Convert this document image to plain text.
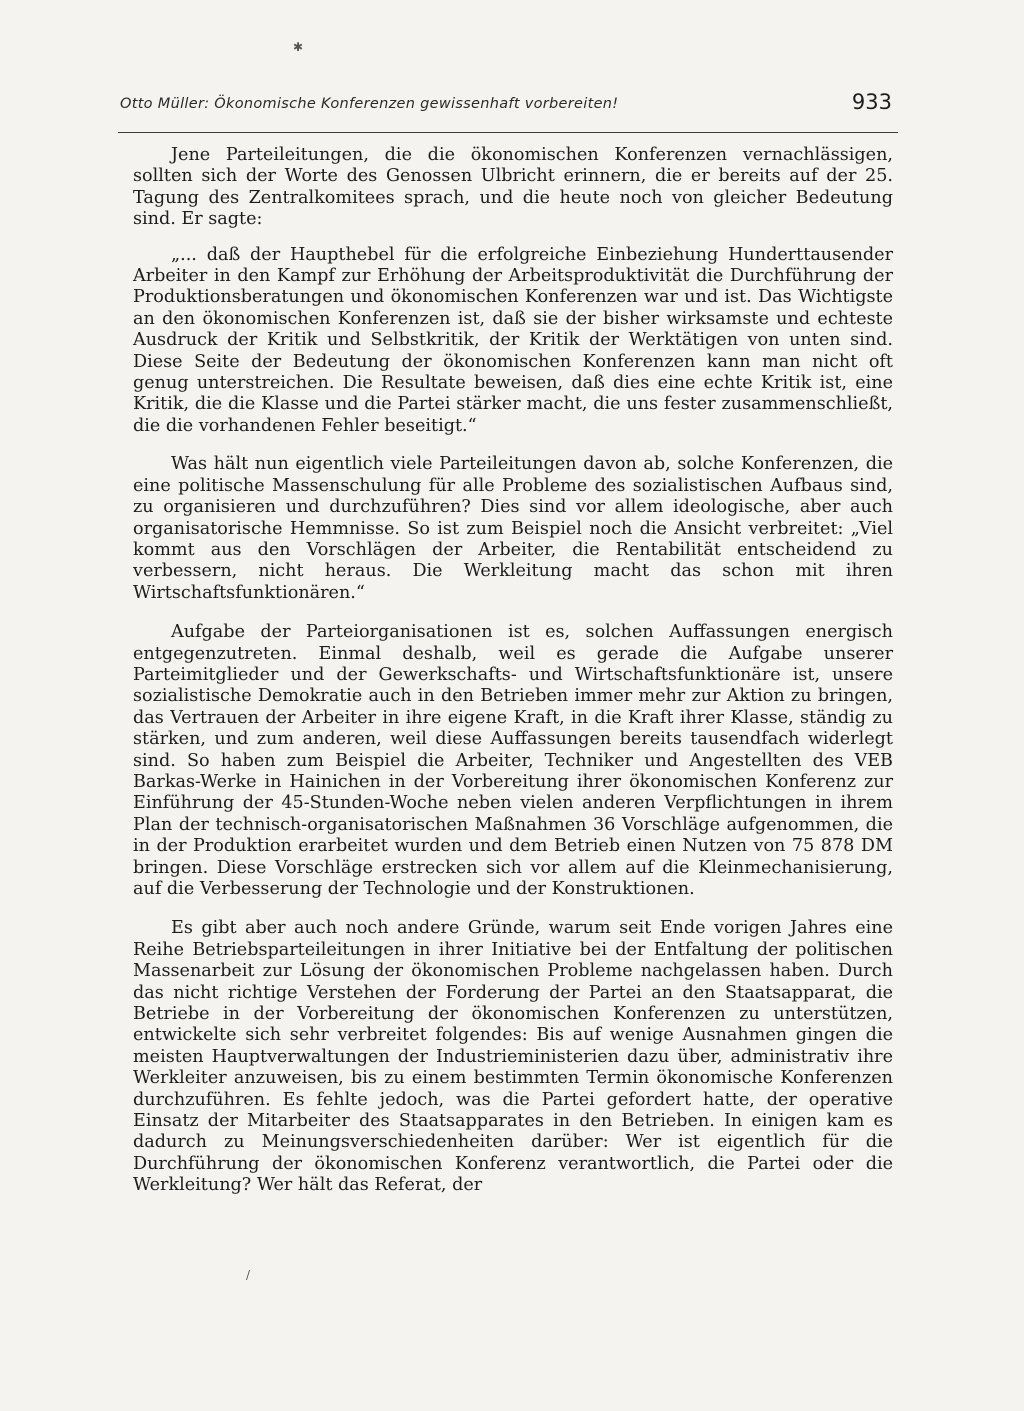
✱
Otto Müller: Ökonomische Konferenzen gewissenhaft vorbereiten!	933

Jene Parteileitungen, die die ökonomischen Konferenzen vernachlässigen, sollten sich der Worte des Genossen Ulbricht erinnern, die er bereits auf der 25. Tagung des Zentralkomitees sprach, und die heute noch von gleicher Bedeutung sind. Er sagte:

„... daß der Haupthebel für die erfolgreiche Einbeziehung Hunderttausender Arbeiter in den Kampf zur Erhöhung der Arbeitsproduktivität die Durchführung der Produktionsberatungen und ökonomischen Konferenzen war und ist. Das Wichtigste an den ökonomischen Konferenzen ist, daß sie der bisher wirksamste und echteste Ausdruck der Kritik und Selbstkritik, der Kritik der Werktätigen von unten sind. Diese Seite der Bedeutung der ökonomischen Konferenzen kann man nicht oft genug unterstreichen. Die Resultate beweisen, daß dies eine echte Kritik ist, eine Kritik, die die Klasse und die Partei stärker macht, die uns fester zusammenschließt, die die vorhandenen Fehler beseitigt.“

Was hält nun eigentlich viele Parteileitungen davon ab, solche Konferenzen, die eine politische Massenschulung für alle Probleme des sozialistischen Aufbaus sind, zu organisieren und durchzuführen? Dies sind vor allem ideologische, aber auch organisatorische Hemmnisse. So ist zum Beispiel noch die Ansicht verbreitet: „Viel kommt aus den Vorschlägen der Arbeiter, die Rentabilität entscheidend zu verbessern, nicht heraus. Die Werkleitung macht das schon mit ihren Wirtschaftsfunktionären.“

Aufgabe der Parteiorganisationen ist es, solchen Auffassungen energisch entgegenzutreten. Einmal deshalb, weil es gerade die Aufgabe unserer Parteimitglieder und der Gewerkschafts- und Wirtschaftsfunktionäre ist, unsere sozialistische Demokratie auch in den Betrieben immer mehr zur Aktion zu bringen, das Vertrauen der Arbeiter in ihre eigene Kraft, in die Kraft ihrer Klasse, ständig zu stärken, und zum anderen, weil diese Auffassungen bereits tausendfach widerlegt sind. So haben zum Beispiel die Arbeiter, Techniker und Angestellten des VEB Barkas-Werke in Hainichen in der Vorbereitung ihrer ökonomischen Konferenz zur Einführung der 45-Stunden-Woche neben vielen anderen Verpflichtungen in ihrem Plan der technisch-organisatorischen Maßnahmen 36 Vorschläge aufgenommen, die in der Produktion erarbeitet wurden und dem Betrieb einen Nutzen von 75 878 DM bringen. Diese Vorschläge erstrecken sich vor allem auf die Kleinmechanisierung, auf die Verbesserung der Technologie und der Konstruktionen.

Es gibt aber auch noch andere Gründe, warum seit Ende vorigen Jahres eine Reihe Betriebsparteileitungen in ihrer Initiative bei der Entfaltung der politischen Massenarbeit zur Lösung der ökonomischen Probleme nachgelassen haben. Durch das nicht richtige Verstehen der Forderung der Partei an den Staatsapparat, die Betriebe in der Vorbereitung der ökonomischen Konferenzen zu unterstützen, entwickelte sich sehr verbreitet folgendes: Bis auf wenige Ausnahmen gingen die meisten Hauptverwaltungen der Industrieministerien dazu über, administrativ ihre Werkleiter anzuweisen, bis zu einem bestimmten Termin ökonomische Konferenzen durchzuführen. Es fehlte jedoch, was die Partei gefordert hatte, der operative Einsatz der Mitarbeiter des Staatsapparates in den Betrieben. In einigen kam es dadurch zu Meinungsverschiedenheiten darüber: Wer ist eigentlich für die Durchführung der ökonomischen Konferenz verantwortlich, die Partei oder die Werkleitung? Wer hält das Referat, der

/
